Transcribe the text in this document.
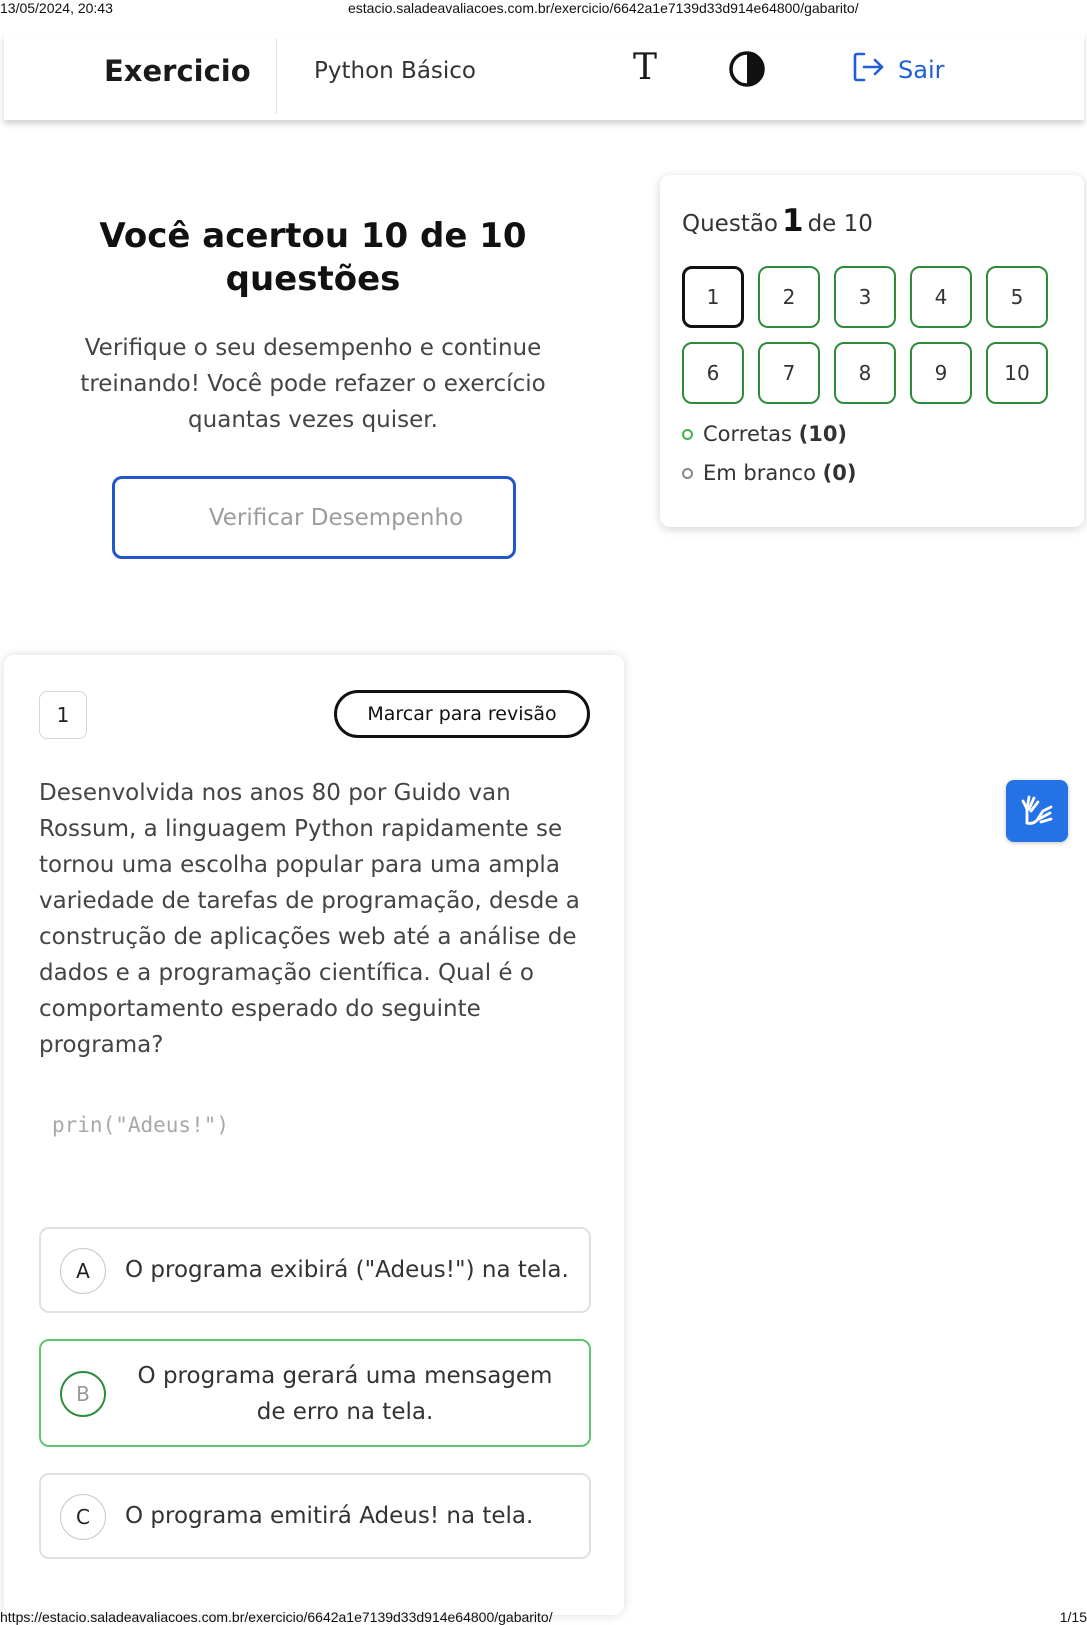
13/05/2024, 20:43	estacio.saladeavaliacoes.com.br/exercicio/6642a1e7139d33d914e64800/gabarito/
Exercicio	Python Básico	T	Sair
Você acertou 10 de 10 questões
Verifique o seu desempenho e continue treinando! Você pode refazer o exercício quantas vezes quiser.
Verificar Desempenho
Questão 1 de 10
1	2	3	4	5
6	7	8	9	10
Corretas (10)
Em branco (0)
1	Marcar para revisão
Desenvolvida nos anos 80 por Guido van Rossum, a linguagem Python rapidamente se tornou uma escolha popular para uma ampla variedade de tarefas de programação, desde a construção de aplicações web até a análise de dados e a programação científica. Qual é o comportamento esperado do seguinte programa?
prin("Adeus!")
A	O programa exibirá ("Adeus!") na tela.
B
O programa gerará uma mensagem de erro na tela.
C	O programa emitirá Adeus! na tela.
https://estacio.saladeavaliacoes.com.br/exercicio/6642a1e7139d33d914e64800/gabarito/	1/15
